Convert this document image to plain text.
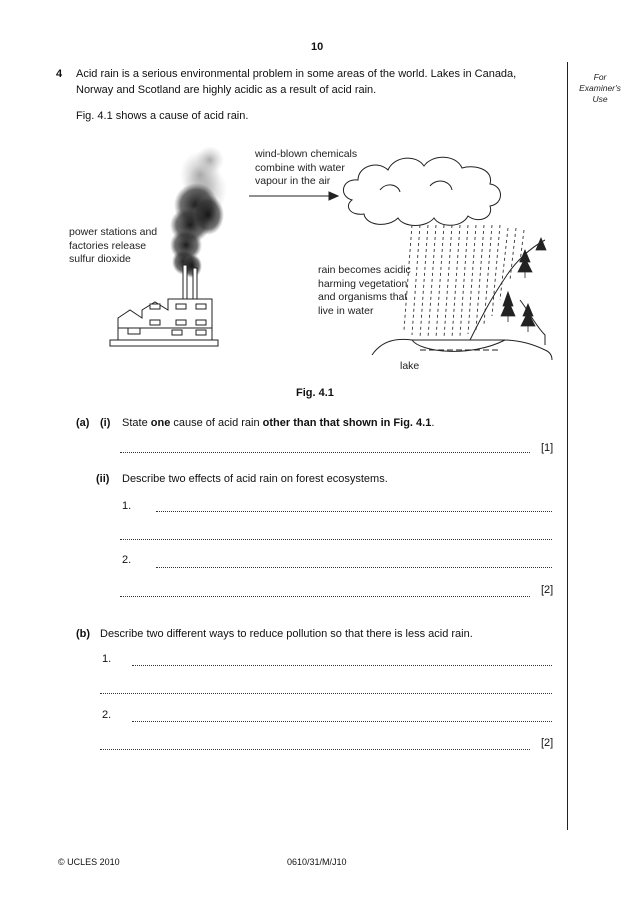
10
For
Examiner's
Use
4 Acid rain is a serious environmental problem in some areas of the world. Lakes in Canada,
Norway and Scotland are highly acidic as a result of acid rain.
Fig. 4.1 shows a cause of acid rain.
wind-blown chemicals
combine with water
vapour in the air
power stations and
factories release
sulfur dioxide
rain becomes acidic
harming vegetation
and organisms that
live in water
lake
Fig. 4.1
(a) (i) State one cause of acid rain other than that shown in Fig. 4.1.
[1]
(ii) Describe two effects of acid rain on forest ecosystems.
1.
2.
[2]
(b) Describe two different ways to reduce pollution so that there is less acid rain.
1.
2.
[2]
© UCLES 2010	0610/31/M/J10
